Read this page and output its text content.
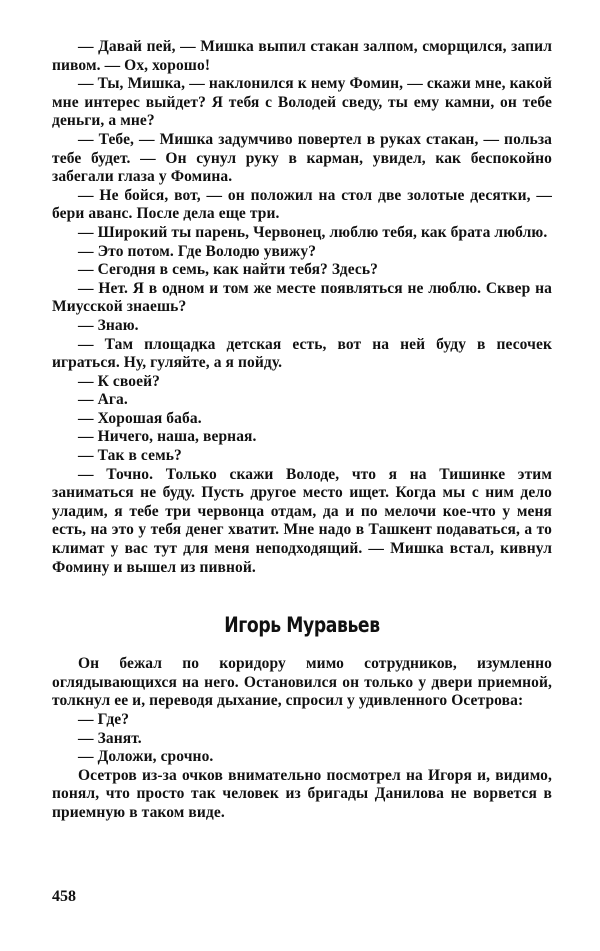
— Давай пей, — Мишка выпил стакан залпом, сморщился, запил пивом. — Ох, хорошо!

— Ты, Мишка, — наклонился к нему Фомин, — скажи мне, какой мне интерес выйдет? Я тебя с Володей сведу, ты ему камни, он тебе деньги, а мне?

— Тебе, — Мишка задумчиво повертел в руках стакан, — польза тебе будет. — Он сунул руку в карман, увидел, как беспокойно забегали глаза у Фомина.

— Не бойся, вот, — он положил на стол две золотые десятки, — бери аванс. После дела еще три.

— Широкий ты парень, Червонец, люблю тебя, как брата люблю.

— Это потом. Где Володю увижу?

— Сегодня в семь, как найти тебя? Здесь?

— Нет. Я в одном и том же месте появляться не люблю. Сквер на Миусской знаешь?

— Знаю.

— Там площадка детская есть, вот на ней буду в песочек играться. Ну, гуляйте, а я пойду.

— К своей?

— Ага.

— Хорошая баба.

— Ничего, наша, верная.

— Так в семь?

— Точно. Только скажи Володе, что я на Тишинке этим заниматься не буду. Пусть другое место ищет. Когда мы с ним дело уладим, я тебе три червонца отдам, да и по мелочи кое-что у меня есть, на это у тебя денег хватит. Мне надо в Ташкент подаваться, а то климат у вас тут для меня неподходящий. — Мишка встал, кивнул Фомину и вышел из пивной.

Игорь Муравьев

Он бежал по коридору мимо сотрудников, изумленно оглядывающихся на него. Остановился он только у двери приемной, толкнул ее и, переводя дыхание, спросил у удивленного Осетрова:

— Где?

— Занят.

— Доложи, срочно.

Осетров из-за очков внимательно посмотрел на Игоря и, видимо, понял, что просто так человек из бригады Данилова не ворвется в приемную в таком виде.

458
